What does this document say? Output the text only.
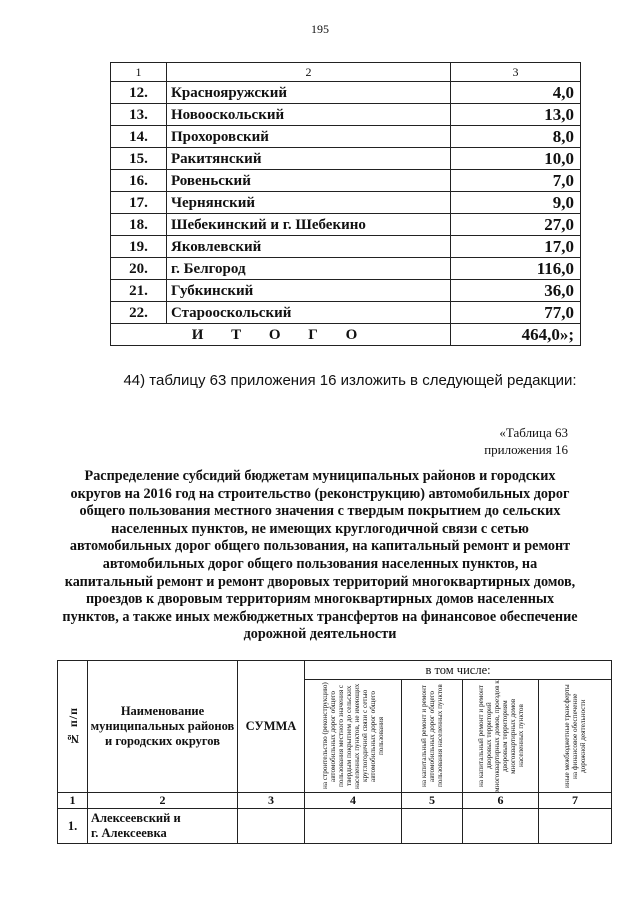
195
1	2	3
12.	Краснояружский	4,0
13.	Новооскольский	13,0
14.	Прохоровский	8,0
15.	Ракитянский	10,0
16.	Ровеньский	7,0
17.	Чернянский	9,0
18.	Шебекинский и г. Шебекино	27,0
19.	Яковлевский	17,0
20.	г. Белгород	116,0
21.	Губкинский	36,0
22.	Старооскольский	77,0
И Т О Г О		464,0»;
44) таблицу 63 приложения 16 изложить в следующей редакции:
«Таблица 63
приложения 16
Распределение субсидий бюджетам муниципальных районов и городских округов на 2016 год на строительство (реконструкцию) автомобильных дорог общего пользования местного значения с твердым покрытием до сельских населенных пунктов, не имеющих круглогодичной связи с сетью автомобильных дорог общего пользования, на капитальный ремонт и ремонт автомобильных дорог общего пользования населенных пунктов, на капитальный ремонт и ремонт дворовых территорий многоквартирных домов, проездов к дворовым территориям многоквартирных домов населенных пунктов, а также иных межбюджетных трансфертов на финансовое обеспечение дорожной деятельности
№ п/п	Наименование муниципальных районов и городских округов	СУММА	в том числе:			

			на строительство (реконструкцию) автомобильных дорог общего пользования местного значения с твердым покрытием до сельских населенных пунктов, не имеющих круглогодичной связи с сетью автомобильных дорог общего пользования	на капитальный ремонт и ремонт автомобильных дорог общего пользования населенных пунктов	на капитальный ремонт и ремонт дворовых территорий многоквартирных домов, проездов к дворовым территориям многоквартирных домов населенных пунктов	иные межбюджетные трансферты на финансовое обеспечение дорожной деятельности

1	2	3	4	5	6	7
1.	Алексеевский и
г. Алексеевка					
